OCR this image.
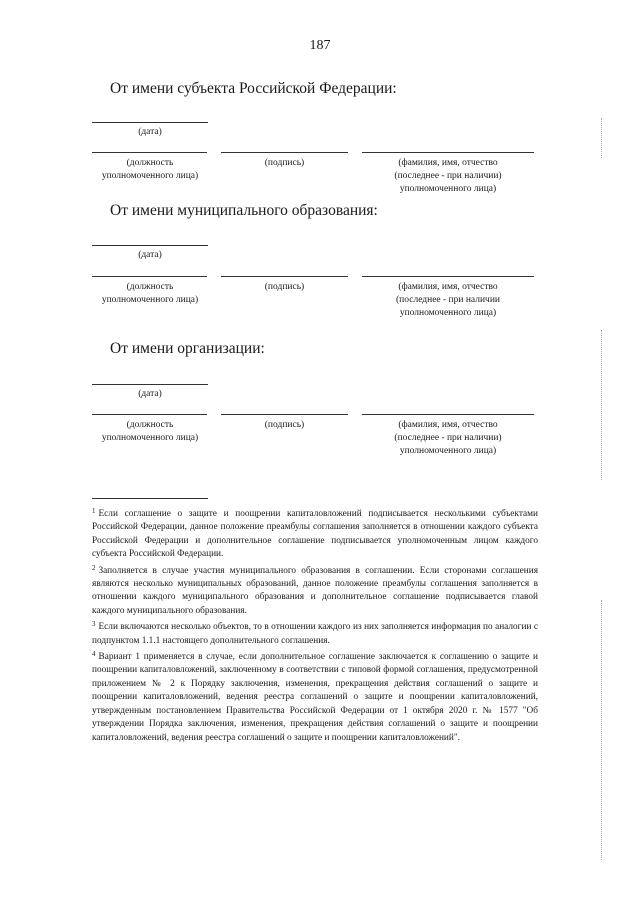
187
От имени субъекта Российской Федерации:
(дата)
(должность
уполномоченного лица)
(подпись)	(фамилия, имя, отчество
(последнее - при наличии)
уполномоченного лица)
От имени муниципального образования:
(дата)
(должность
уполномоченного лица)
(подпись)	(фамилия, имя, отчество
(последнее - при наличии
уполномоченного лица)
От имени организации:
(дата)
(должность
уполномоченного лица)
(подпись)	(фамилия, имя, отчество
(последнее - при наличии)
уполномоченного лица)

$^1$ Если соглашение о защите и поощрении капиталовложений подписывается несколькими субъектами Российской Федерации, данное положение преамбулы соглашения заполняется в отношении каждого субъекта Российской Федерации и дополнительное соглашение подписывается уполномоченным лицом каждого субъекта Российской Федерации.

$^2$ Заполняется в случае участия муниципального образования в соглашении. Если сторонами соглашения являются несколько муниципальных образований, данное положение преамбулы соглашения заполняется в отношении каждого муниципального образования и дополнительное соглашение подписывается главой каждого муниципального образования.

$^3$ Если включаются несколько объектов, то в отношении каждого из них заполняется информация по аналогии с подпунктом 1.1.1 настоящего дополнительного соглашения.

$^4$ Вариант 1 применяется в случае, если дополнительное соглашение заключается к соглашению о защите и поощрении капиталовложений, заключенному в соответствии с типовой формой соглашения, предусмотренной приложением № 2 к Порядку заключения, изменения, прекращения действия соглашений о защите и поощрении капиталовложений, ведения реестра соглашений о защите и поощрении капиталовложений, утвержденным постановлением Правительства Российской Федерации от 1 октября 2020 г. № 1577 "Об утверждении Порядка заключения, изменения, прекращения действия соглашений о защите и поощрении капиталовложений, ведения реестра соглашений о защите и поощрении капиталовложений".
